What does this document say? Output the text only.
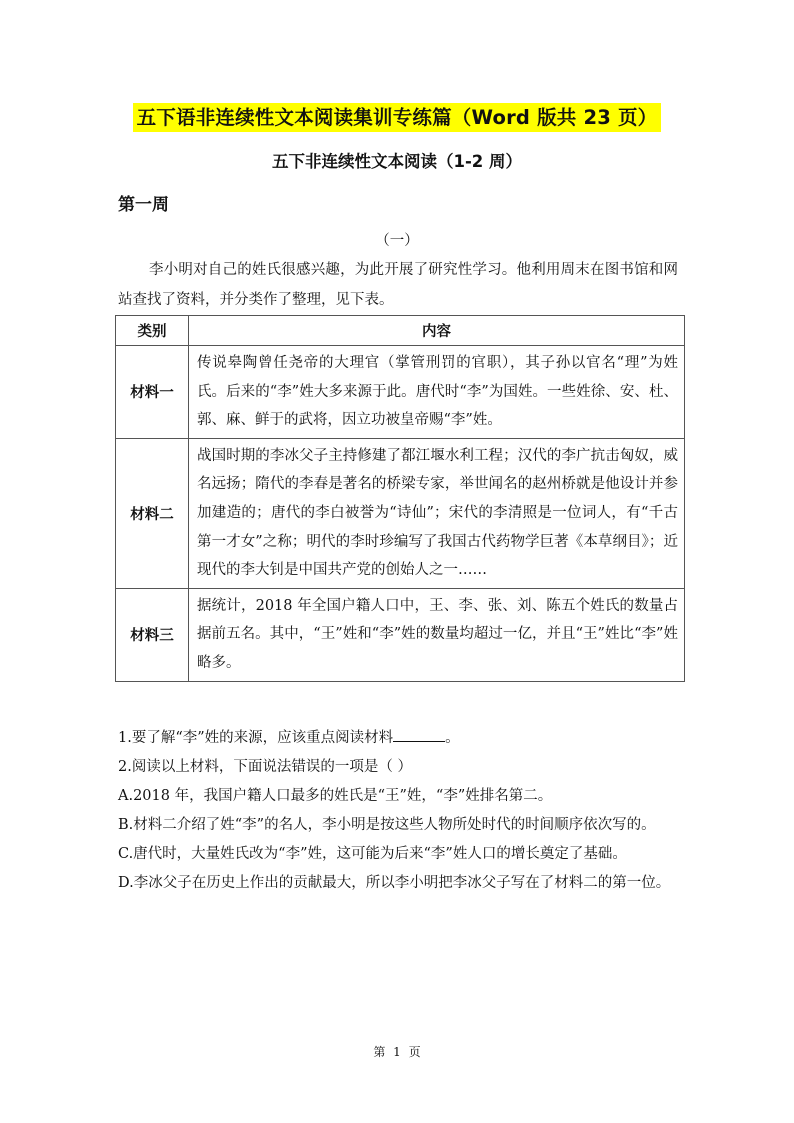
五下语非连续性文本阅读集训专练篇（Word 版共 23 页）
五下非连续性文本阅读（1-2 周）
第一周
（一）

李小明对自己的姓氏很感兴趣，为此开展了研究性学习。他利用周末在图书馆和网站查找了资料，并分类作了整理，见下表。

类别	内容
材料一	传说皋陶曾任尧帝的大理官（掌管刑罚的官职），其子孙以官名“理”为姓氏。后来的“李”姓大多来源于此。唐代时“李”为国姓。一些姓徐、安、杜、郭、麻、鲜于的武将，因立功被皇帝赐“李”姓。
材料二	战国时期的李冰父子主持修建了都江堰水利工程；汉代的李广抗击匈奴，威名远扬；隋代的李春是著名的桥梁专家，举世闻名的赵州桥就是他设计并参加建造的；唐代的李白被誉为“诗仙”；宋代的李清照是一位词人，有“千古第一才女”之称；明代的李时珍编写了我国古代药物学巨著《本草纲目》；近现代的李大钊是中国共产党的创始人之一……
材料三	据统计，2018 年全国户籍人口中，王、李、张、刘、陈五个姓氏的数量占据前五名。其中，“王”姓和“李”姓的数量均超过一亿，并且“王”姓比“李”姓略多。

1.要了解“李”姓的来源，应该重点阅读材料	。

2.阅读以上材料，下面说法错误的一项是（ ）

A.2018 年，我国户籍人口最多的姓氏是“王”姓，“李”姓排名第二。

B.材料二介绍了姓“李”的名人，李小明是按这些人物所处时代的时间顺序依次写的。

C.唐代时，大量姓氏改为“李”姓，这可能为后来“李”姓人口的增长奠定了基础。

D.李冰父子在历史上作出的贡献最大，所以李小明把李冰父子写在了材料二的第一位。

第 1 页
